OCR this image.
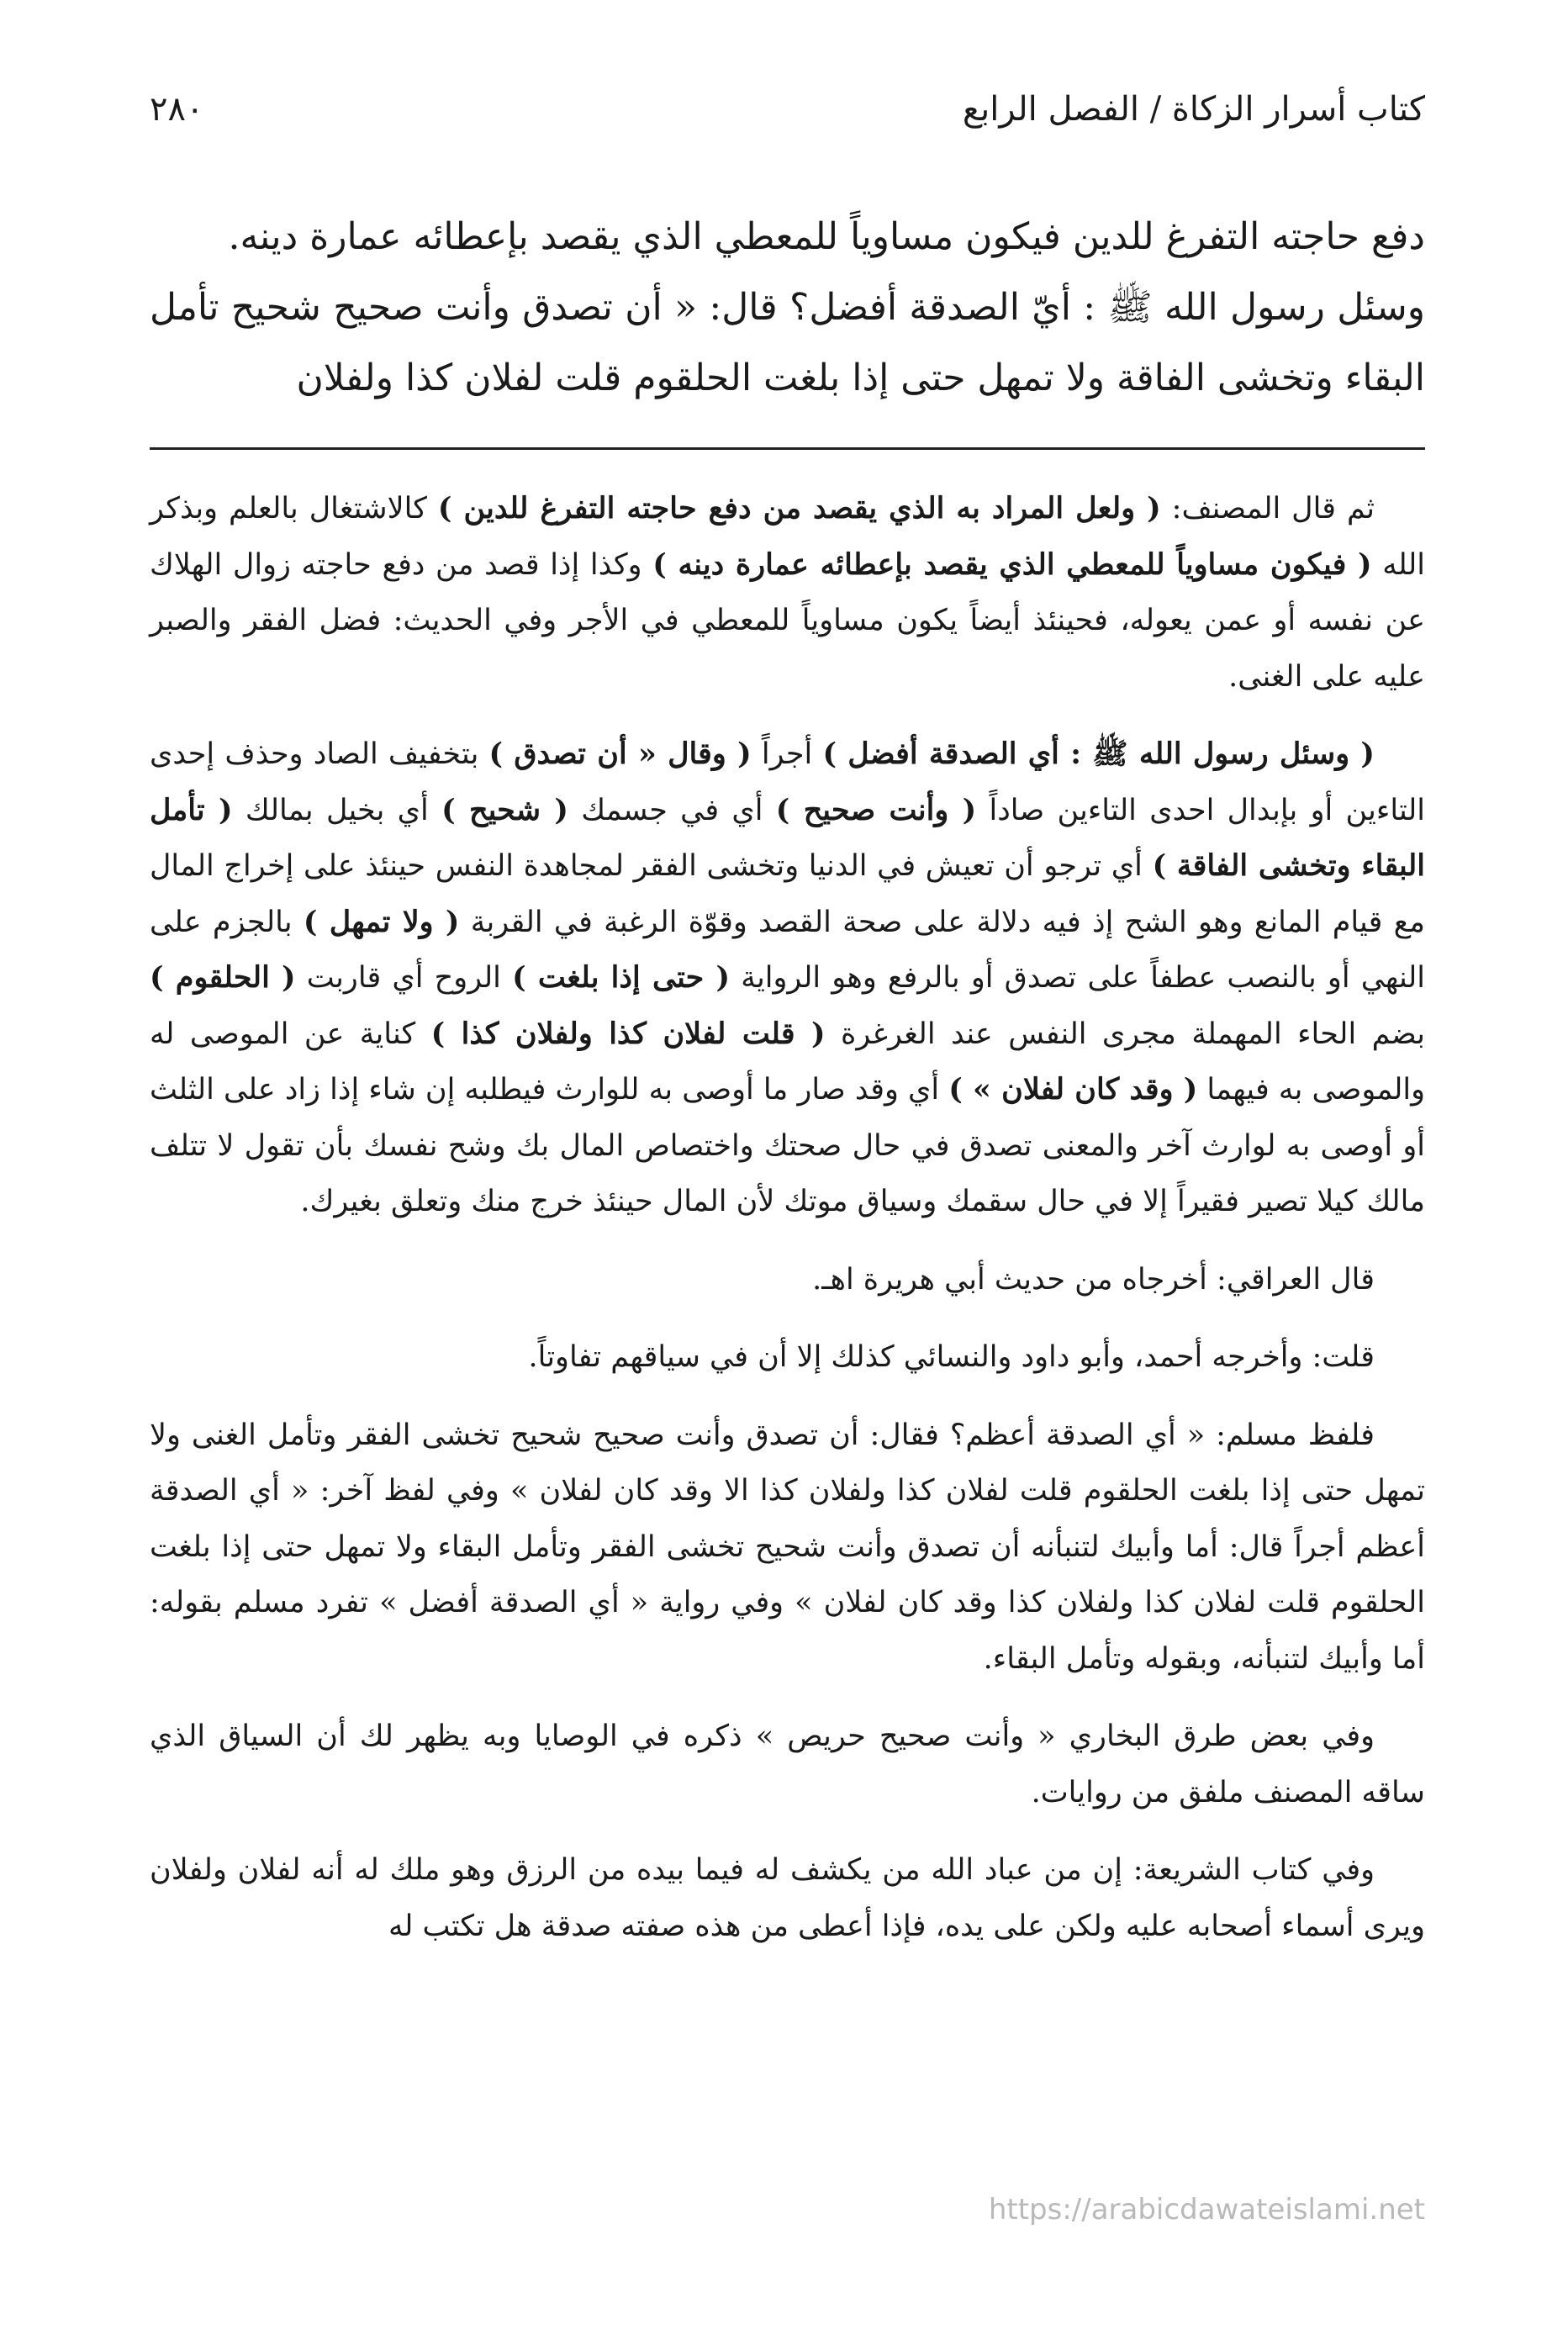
كتاب أسرار الزكاة / الفصل الرابع
٢٨٠

دفع حاجته التفرغ للدين فيكون مساوياً للمعطي الذي يقصد بإعطائه عمارة دينه.

وسئل رسول الله ﷺ : أيّ الصدقة أفضل؟ قال: « أن تصدق وأنت صحيح شحيح تأمل البقاء وتخشى الفاقة ولا تمهل حتى إذا بلغت الحلقوم قلت لفلان كذا ولفلان

ثم قال المصنف: ( ولعل المراد به الذي يقصد من دفع حاجته التفرغ للدين ) كالاشتغال بالعلم وبذكر الله ( فيكون مساوياً للمعطي الذي يقصد بإعطائه عمارة دينه ) وكذا إذا قصد من دفع حاجته زوال الهلاك عن نفسه أو عمن يعوله، فحينئذ أيضاً يكون مساوياً للمعطي في الأجر وفي الحديث: فضل الفقر والصبر عليه على الغنى.

( وسئل رسول الله ﷺ : أي الصدقة أفضل ) أجراً ( وقال « أن تصدق ) بتخفيف الصاد وحذف إحدى التاءين أو بإبدال احدى التاءين صاداً ( وأنت صحيح ) أي في جسمك ( شحيح ) أي بخيل بمالك ( تأمل البقاء وتخشى الفاقة ) أي ترجو أن تعيش في الدنيا وتخشى الفقر لمجاهدة النفس حينئذ على إخراج المال مع قيام المانع وهو الشح إذ فيه دلالة على صحة القصد وقوّة الرغبة في القربة ( ولا تمهل ) بالجزم على النهي أو بالنصب عطفاً على تصدق أو بالرفع وهو الرواية ( حتى إذا بلغت ) الروح أي قاربت ( الحلقوم ) بضم الحاء المهملة مجرى النفس عند الغرغرة ( قلت لفلان كذا ولفلان كذا ) كناية عن الموصى له والموصى به فيهما ( وقد كان لفلان » ) أي وقد صار ما أوصى به للوارث فيطلبه إن شاء إذا زاد على الثلث أو أوصى به لوارث آخر والمعنى تصدق في حال صحتك واختصاص المال بك وشح نفسك بأن تقول لا تتلف مالك كيلا تصير فقيراً إلا في حال سقمك وسياق موتك لأن المال حينئذ خرج منك وتعلق بغيرك.

قال العراقي: أخرجاه من حديث أبي هريرة اهـ.

قلت: وأخرجه أحمد، وأبو داود والنسائي كذلك إلا أن في سياقهم تفاوتاً.

فلفظ مسلم: « أي الصدقة أعظم؟ فقال: أن تصدق وأنت صحيح شحيح تخشى الفقر وتأمل الغنى ولا تمهل حتى إذا بلغت الحلقوم قلت لفلان كذا ولفلان كذا الا وقد كان لفلان » وفي لفظ آخر: « أي الصدقة أعظم أجراً قال: أما وأبيك لتنبأنه أن تصدق وأنت شحيح تخشى الفقر وتأمل البقاء ولا تمهل حتى إذا بلغت الحلقوم قلت لفلان كذا ولفلان كذا وقد كان لفلان » وفي رواية « أي الصدقة أفضل » تفرد مسلم بقوله: أما وأبيك لتنبأنه، وبقوله وتأمل البقاء.

وفي بعض طرق البخاري « وأنت صحيح حريص » ذكره في الوصايا وبه يظهر لك أن السياق الذي ساقه المصنف ملفق من روايات.

وفي كتاب الشريعة: إن من عباد الله من يكشف له فيما بيده من الرزق وهو ملك له أنه لفلان ولفلان ويرى أسماء أصحابه عليه ولكن على يده، فإذا أعطى من هذه صفته صدقة هل تكتب له

https://arabicdawateislami.net
